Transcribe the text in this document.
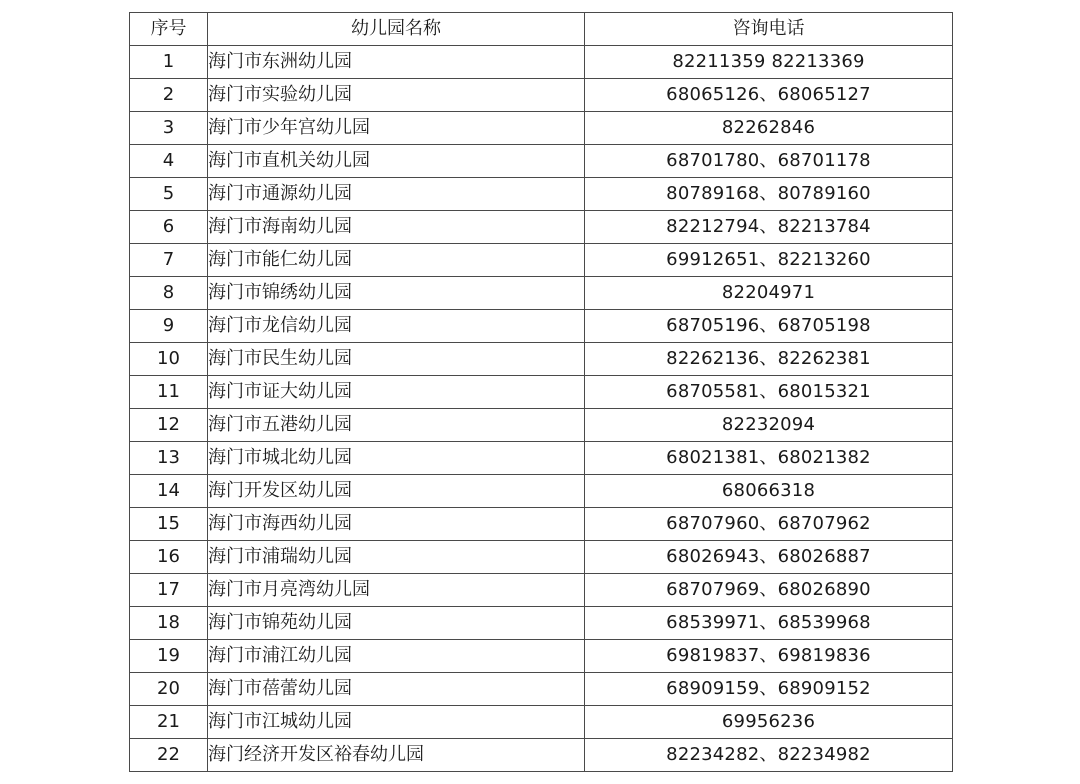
序号	幼儿园名称	咨询电话
1	海门市东洲幼儿园	82211359 82213369
2	海门市实验幼儿园	68065126、68065127
3	海门市少年宫幼儿园	82262846
4	海门市直机关幼儿园	68701780、68701178
5	海门市通源幼儿园	80789168、80789160
6	海门市海南幼儿园	82212794、82213784
7	海门市能仁幼儿园	69912651、82213260
8	海门市锦绣幼儿园	82204971
9	海门市龙信幼儿园	68705196、68705198
10	海门市民生幼儿园	82262136、82262381
11	海门市证大幼儿园	68705581、68015321
12	海门市五港幼儿园	82232094
13	海门市城北幼儿园	68021381、68021382
14	海门开发区幼儿园	68066318
15	海门市海西幼儿园	68707960、68707962
16	海门市浦瑞幼儿园	68026943、68026887
17	海门市月亮湾幼儿园	68707969、68026890
18	海门市锦苑幼儿园	68539971、68539968
19	海门市浦江幼儿园	69819837、69819836
20	海门市蓓蕾幼儿园	68909159、68909152
21	海门市江城幼儿园	69956236
22	海门经济开发区裕春幼儿园	82234282、82234982
